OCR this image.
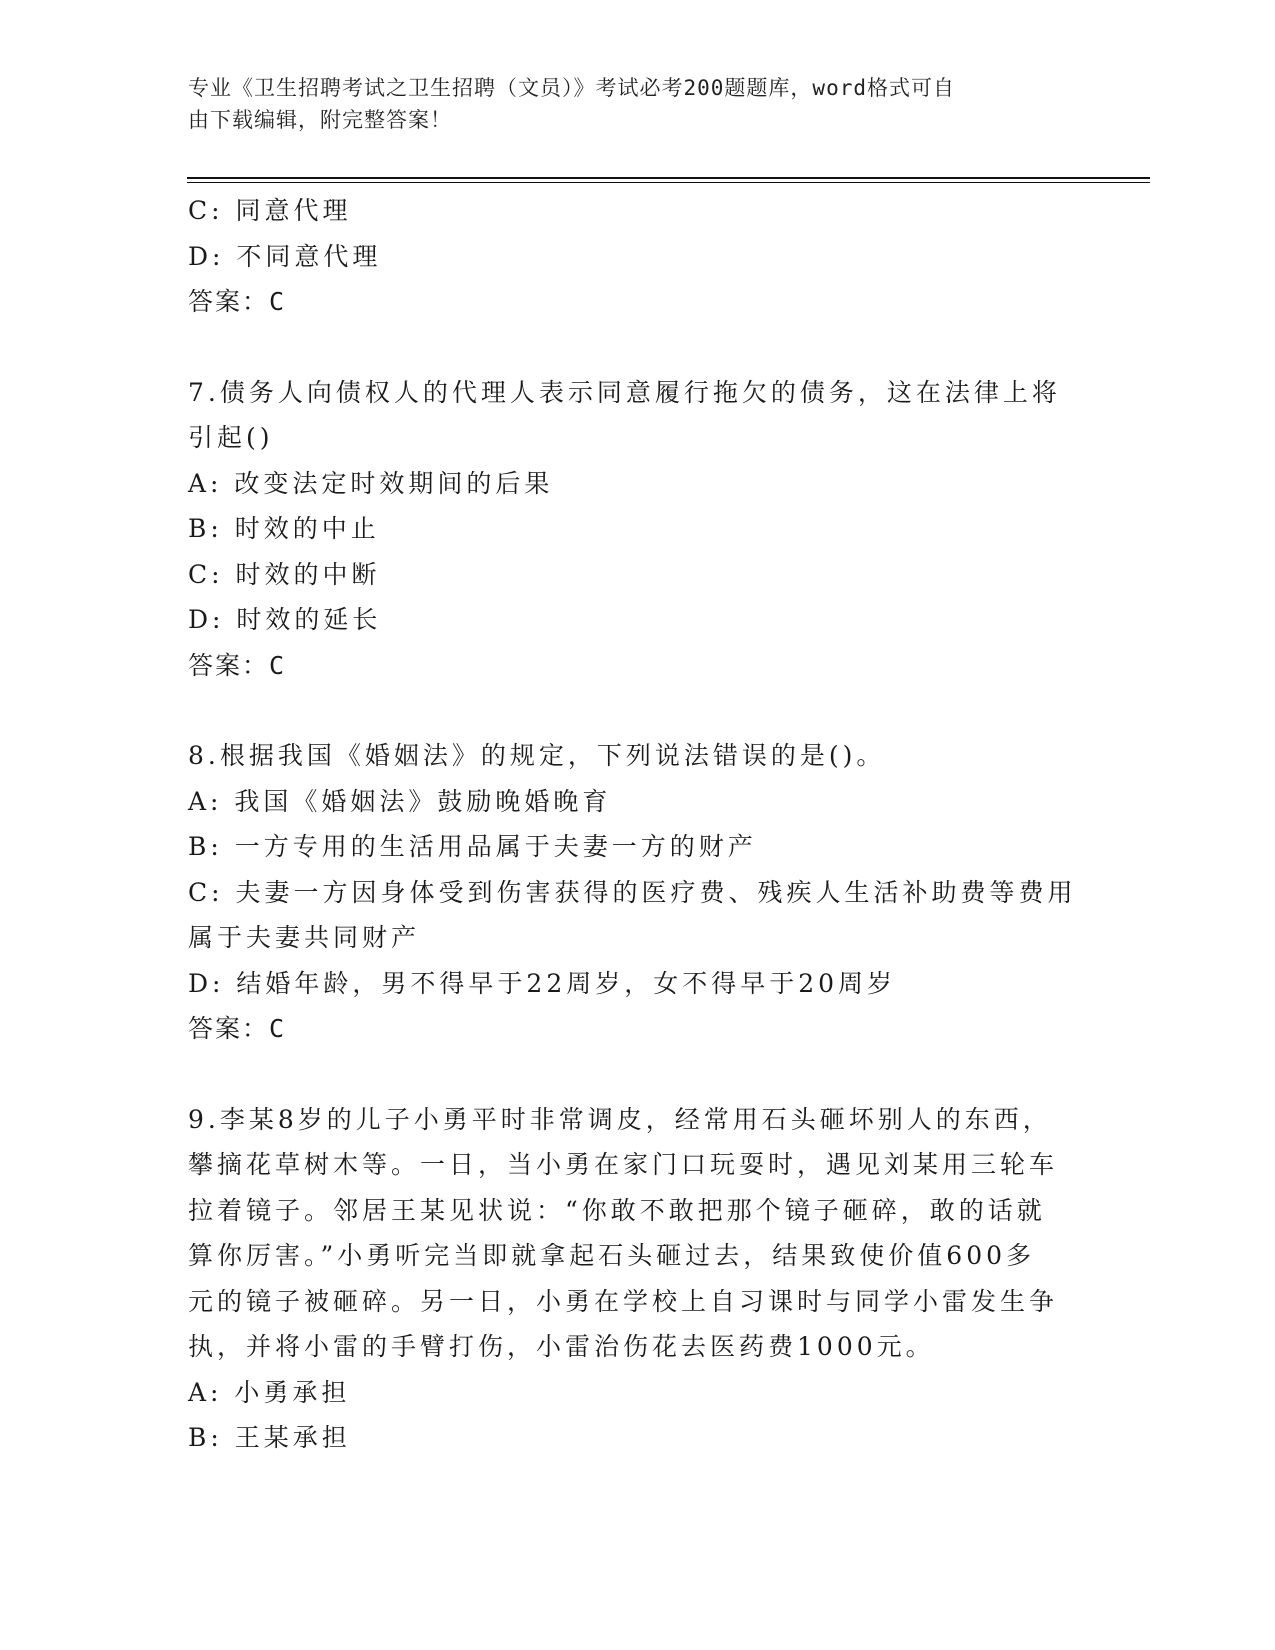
专业《卫生招聘考试之卫生招聘（文员）》考试必考200题题库，word格式可自
由下载编辑，附完整答案！
C: 同意代理
D: 不同意代理
答案：C
7.债务人向债权人的代理人表示同意履行拖欠的债务，这在法律上将
引起()
A: 改变法定时效期间的后果
B: 时效的中止
C: 时效的中断
D: 时效的延长
答案：C
8.根据我国《婚姻法》的规定，下列说法错误的是()。
A: 我国《婚姻法》鼓励晚婚晚育
B: 一方专用的生活用品属于夫妻一方的财产
C: 夫妻一方因身体受到伤害获得的医疗费、残疾人生活补助费等费用
属于夫妻共同财产
D: 结婚年龄，男不得早于22周岁，女不得早于20周岁
答案：C
9.李某8岁的儿子小勇平时非常调皮，经常用石头砸坏别人的东西，
攀摘花草树木等。一日，当小勇在家门口玩耍时，遇见刘某用三轮车
拉着镜子。邻居王某见状说：“你敢不敢把那个镜子砸碎，敢的话就
算你厉害。”小勇听完当即就拿起石头砸过去，结果致使价值600多
元的镜子被砸碎。另一日，小勇在学校上自习课时与同学小雷发生争
执，并将小雷的手臂打伤，小雷治伤花去医药费1000元。
A: 小勇承担
B: 王某承担
